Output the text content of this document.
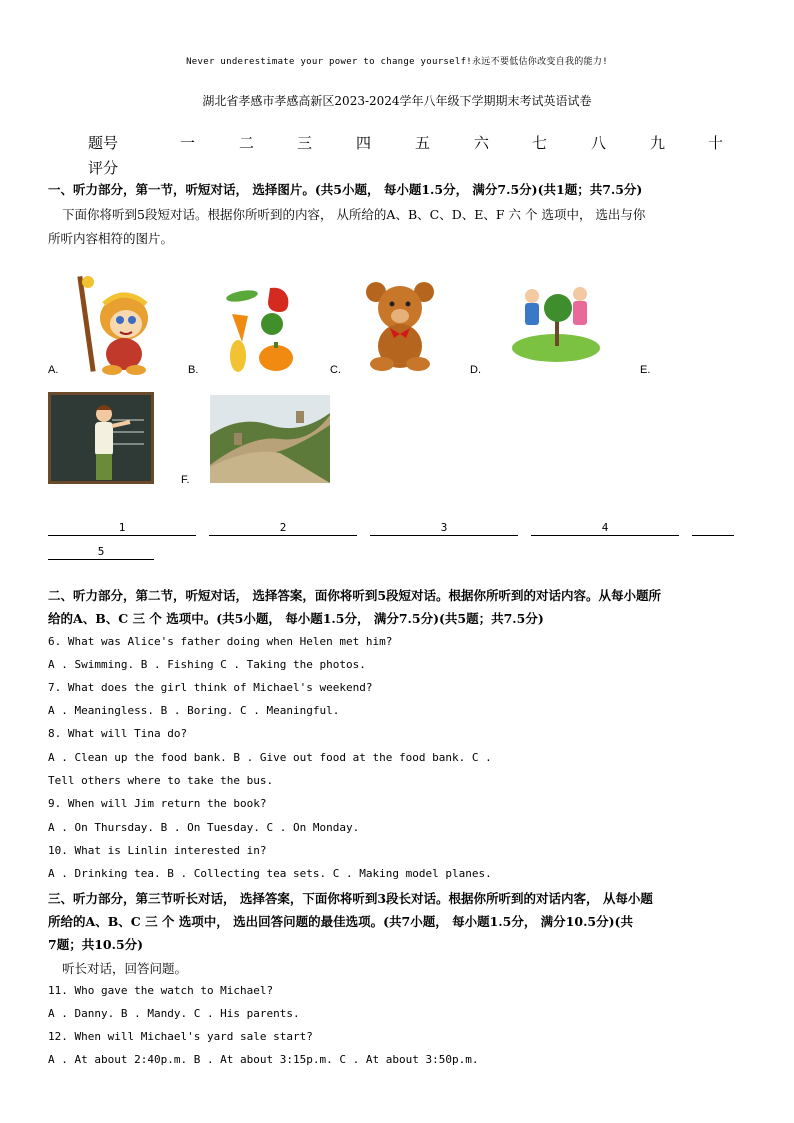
Never underestimate your power to change yourself!永远不要低估你改变自我的能力!
湖北省孝感市孝感高新区2023-2024学年八年级下学期期末考试英语试卷
题号	一	二	三	四	五	六	七	八	九	十
评分
一、听力部分，第一节，听短对话， 选择图片。(共5小题， 每小题1.5分， 满分7.5分)(共1题；共7.5分)
下面你将听到5段短对话。根据你所听到的内容， 从所给的A、B、C、D、E、F 六 个 选项中， 选出与你
所听内容相符的图片。
A.	B.	C.	D.	E.
F.
1	2	3	4
5
二、听力部分，第二节，听短对话， 选择答案，面你将听到5段短对话。根据你所听到的对话内容。从每小题所
给的A、B、C 三 个 选项中。(共5小题， 每小题1.5分， 满分7.5分)(共5题；共7.5分)
6. What was Alice's father doing when Helen met him?
A . Swimming. B . Fishing C . Taking the photos.
7. What does the girl think of Michael's weekend?
A . Meaningless. B . Boring. C . Meaningful.
8. What will Tina do?
A . Clean up the food bank. B . Give out food at the food bank. C .
Tell others where to take the bus.
9. When will Jim return the book?
A . On Thursday. B . On Tuesday. C . On Monday.
10. What is Linlin interested in?
A . Drinking tea. B . Collecting tea sets. C . Making model planes.
三、听力部分，第三节听长对话， 选择答案，下面你将听到3段长对话。根据你所听到的对话内客， 从每小题
所给的A、B、C 三 个 选项中， 选出回答问题的最佳选项。(共7小题， 每小题1.5分， 满分10.5分)(共
7题；共10.5分)
听长对话，回答问题。
11. Who gave the watch to Michael?
A . Danny. B . Mandy. C . His parents.
12. When will Michael's yard sale start?
A . At about 2:40p.m. B . At about 3:15p.m. C . At about 3:50p.m.
